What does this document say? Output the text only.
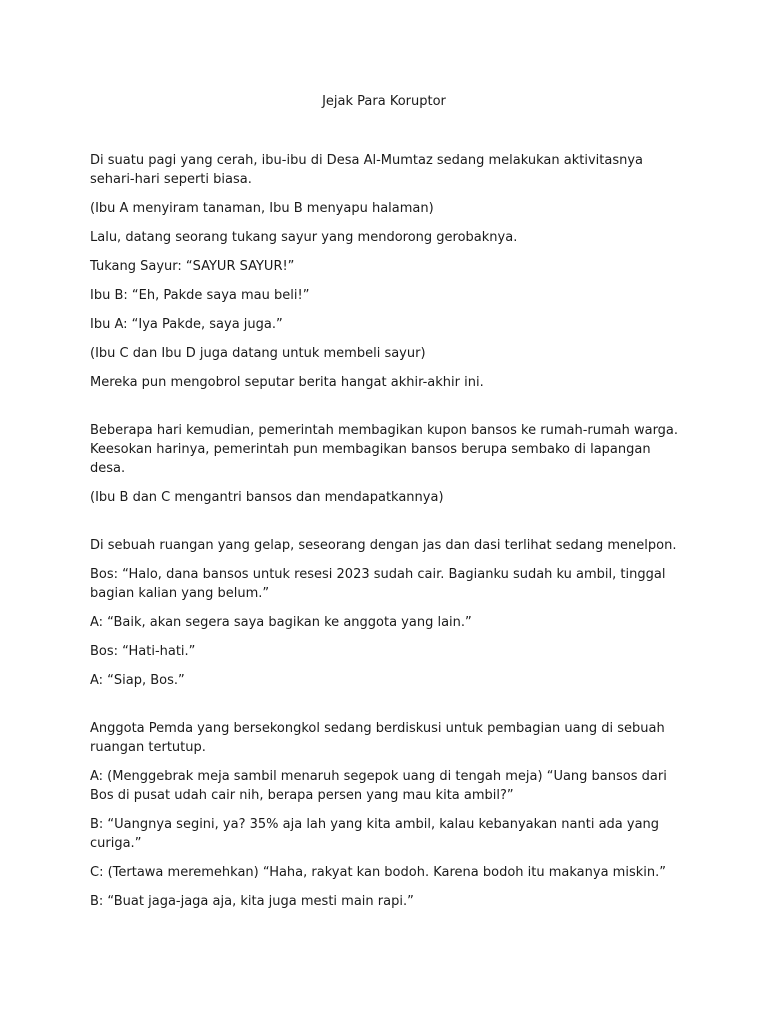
Jejak Para Koruptor

Di suatu pagi yang cerah, ibu-ibu di Desa Al-Mumtaz sedang melakukan aktivitasnya sehari-hari seperti biasa.

(Ibu A menyiram tanaman, Ibu B menyapu halaman)

Lalu, datang seorang tukang sayur yang mendorong gerobaknya.

Tukang Sayur: “SAYUR SAYUR!”

Ibu B: “Eh, Pakde saya mau beli!”

Ibu A: “Iya Pakde, saya juga.”

(Ibu C dan Ibu D juga datang untuk membeli sayur)

Mereka pun mengobrol seputar berita hangat akhir-akhir ini.

Beberapa hari kemudian, pemerintah membagikan kupon bansos ke rumah-rumah warga. Keesokan harinya, pemerintah pun membagikan bansos berupa sembako di lapangan desa.

(Ibu B dan C mengantri bansos dan mendapatkannya)

Di sebuah ruangan yang gelap, seseorang dengan jas dan dasi terlihat sedang menelpon.

Bos: “Halo, dana bansos untuk resesi 2023 sudah cair. Bagianku sudah ku ambil, tinggal bagian kalian yang belum.”

A: “Baik, akan segera saya bagikan ke anggota yang lain.”

Bos: “Hati-hati.”

A: “Siap, Bos.”

Anggota Pemda yang bersekongkol sedang berdiskusi untuk pembagian uang di sebuah ruangan tertutup.

A: (Menggebrak meja sambil menaruh segepok uang di tengah meja) “Uang bansos dari Bos di pusat udah cair nih, berapa persen yang mau kita ambil?”

B: “Uangnya segini, ya? 35% aja lah yang kita ambil, kalau kebanyakan nanti ada yang curiga.”

C: (Tertawa meremehkan) “Haha, rakyat kan bodoh. Karena bodoh itu makanya miskin.”

B: “Buat jaga-jaga aja, kita juga mesti main rapi.”
